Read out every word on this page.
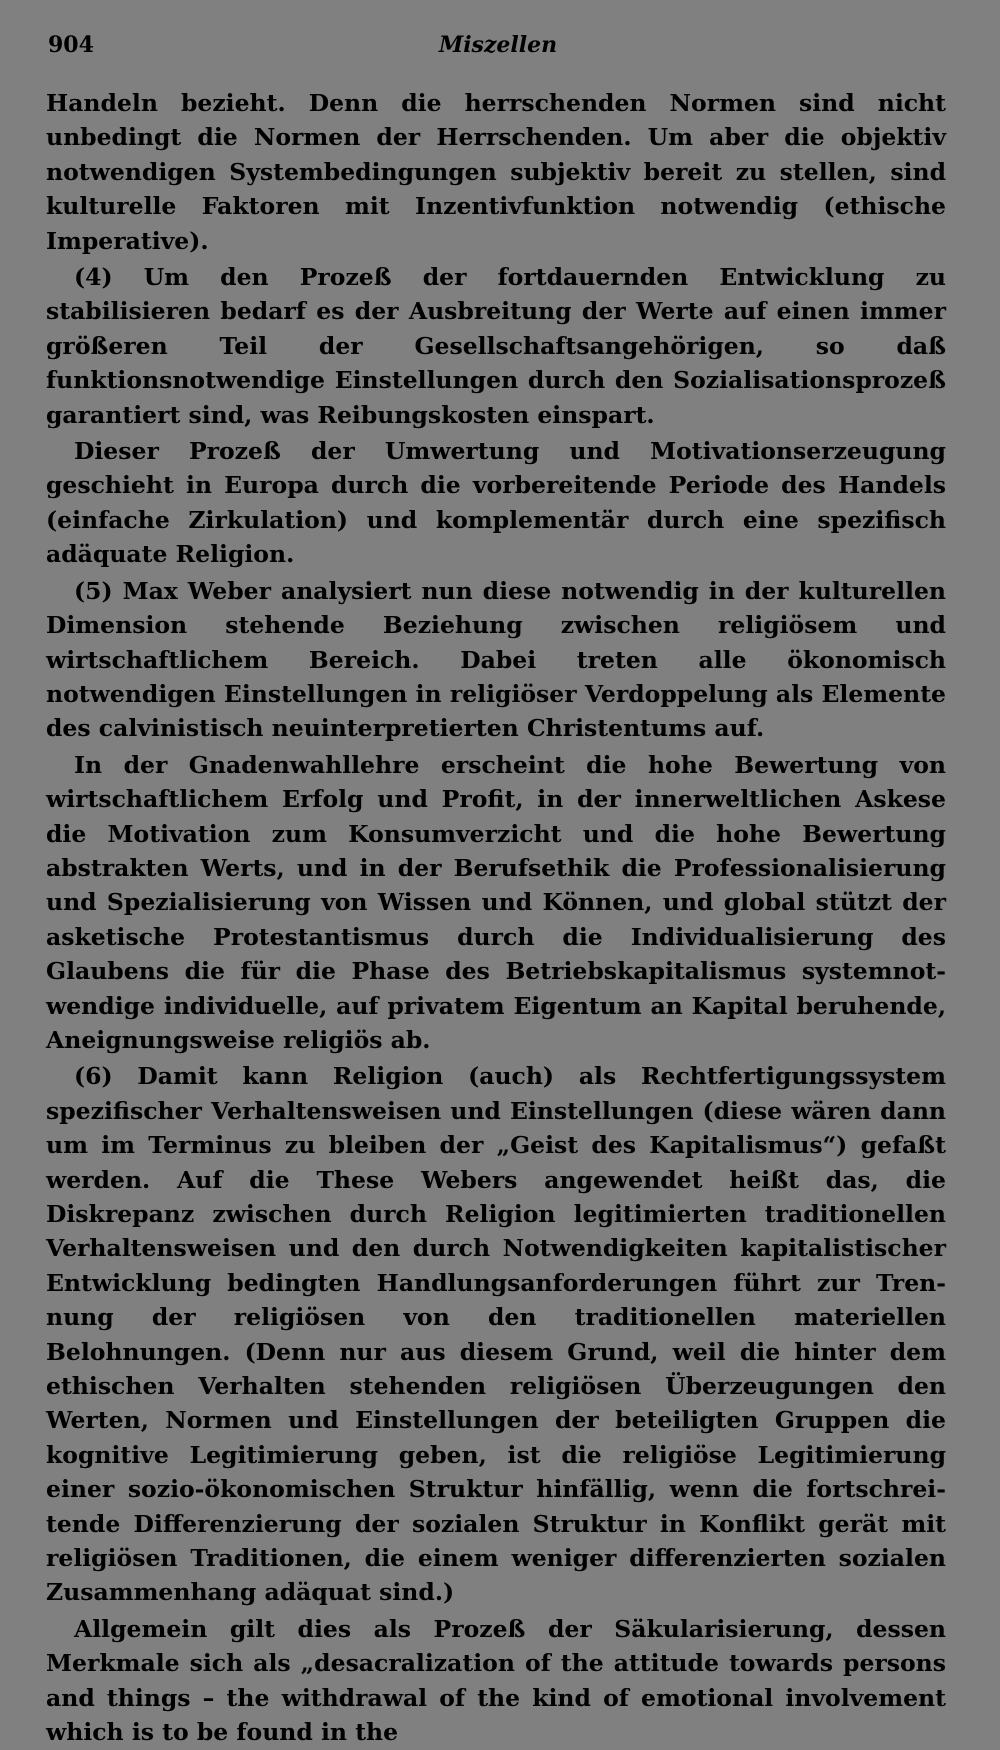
904	Miszellen

Handeln bezieht. Denn die herrschenden Normen sind nicht unbedingt die Normen der Herrschenden. Um aber die objektiv notwendigen Systembedingungen subjektiv bereit zu stellen, sind kulturelle Faktoren mit Inzentivfunktion notwendig (ethische Imperative).

(4) Um den Prozeß der fortdauernden Entwicklung zu stabilisieren bedarf es der Ausbreitung der Werte auf einen immer größeren Teil der Gesellschaftsangehörigen, so daß funktionsnotwendige Einstellungen durch den Sozialisationsprozeß garantiert sind, was Reibungskosten einspart.

Dieser Prozeß der Umwertung und Motivationserzeugung geschieht in Europa durch die vorbereitende Periode des Handels (einfache Zirkulation) und komplementär durch eine spezifisch adäquate Religion.

(5) Max Weber analysiert nun diese notwendig in der kulturellen Dimension stehende Beziehung zwischen religiösem und wirtschaftlichem Bereich. Dabei treten alle ökonomisch notwendigen Einstellungen in religiöser Verdoppelung als Elemente des calvinistisch neuinterpretierten Christentums auf.

In der Gnadenwahllehre erscheint die hohe Bewertung von wirtschaftlichem Erfolg und Profit, in der innerweltlichen Askese die Motivation zum Konsumverzicht und die hohe Bewertung abstrakten Werts, und in der Berufsethik die Professionalisierung und Spezialisierung von Wissen und Können, und global stützt der asketische Protestantismus durch die Individualisierung des Glaubens die für die Phase des Betriebskapitalismus systemnotwendige individuelle, auf privatem Eigentum an Kapital beruhende, Aneignungsweise religiös ab.

(6) Damit kann Religion (auch) als Rechtfertigungssystem spezifischer Verhaltensweisen und Einstellungen (diese wären dann um im Terminus zu bleiben der „Geist des Kapitalismus“) gefaßt werden. Auf die These Webers angewendet heißt das, die Diskrepanz zwischen durch Religion legitimierten traditionellen Verhaltensweisen und den durch Notwendigkeiten kapitalistischer Entwicklung bedingten Handlungsanforderungen führt zur Trennung der religiösen von den traditionellen materiellen Belohnungen. (Denn nur aus diesem Grund, weil die hinter dem ethischen Verhalten stehenden religiösen Überzeugungen den Werten, Normen und Einstellungen der beteiligten Gruppen die kognitive Legitimierung geben, ist die religiöse Legitimierung einer sozio-ökonomischen Struktur hinfällig, wenn die fortschreitende Differenzierung der sozialen Struktur in Konflikt gerät mit religiösen Traditionen, die einem weniger differenzierten sozialen Zusammenhang adäquat sind.)

Allgemein gilt dies als Prozeß der Säkularisierung, dessen Merkmale sich als „desacralization of the attitude towards persons and things – the withdrawal of the kind of emotional involvement which is to be found in the
